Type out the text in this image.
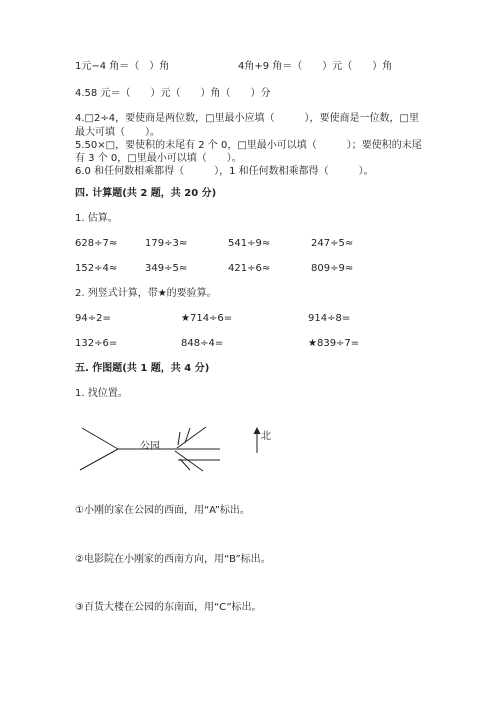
1元−4 角＝（　）角	4角+9 角＝（　　）元（　　）角
4.58 元＝（　　）元（　　）角（　　）分
4.□2÷4，要使商是两位数，□里最小应填（　　　），要使商是一位数，□里
最大可填（　　）。
5.50×□，要使积的末尾有 2 个 0，□里最小可以填（　　　）；要使积的末尾
有 3 个 0，□里最小可以填（　　）。
6.0 和任何数相乘都得（　　　），1 和任何数相乘都得（　　　）。
四. 计算题(共 2 题，共 20 分)
1. 估算。
628÷7≈	179÷3≈	541÷9≈	247÷5≈
152÷4≈	349÷5≈	421÷6≈	809÷9≈
2. 列竖式计算，带★的要验算。
94÷2=	★714÷6=	914÷8=
132÷6=	848÷4=	★839÷7=
五. 作图题(共 1 题，共 4 分)
1. 找位置。
公园
北
①小刚的家在公园的西面，用“A”标出。
②电影院在小刚家的西南方向，用“B”标出。
③百货大楼在公园的东南面，用“C”标出。
